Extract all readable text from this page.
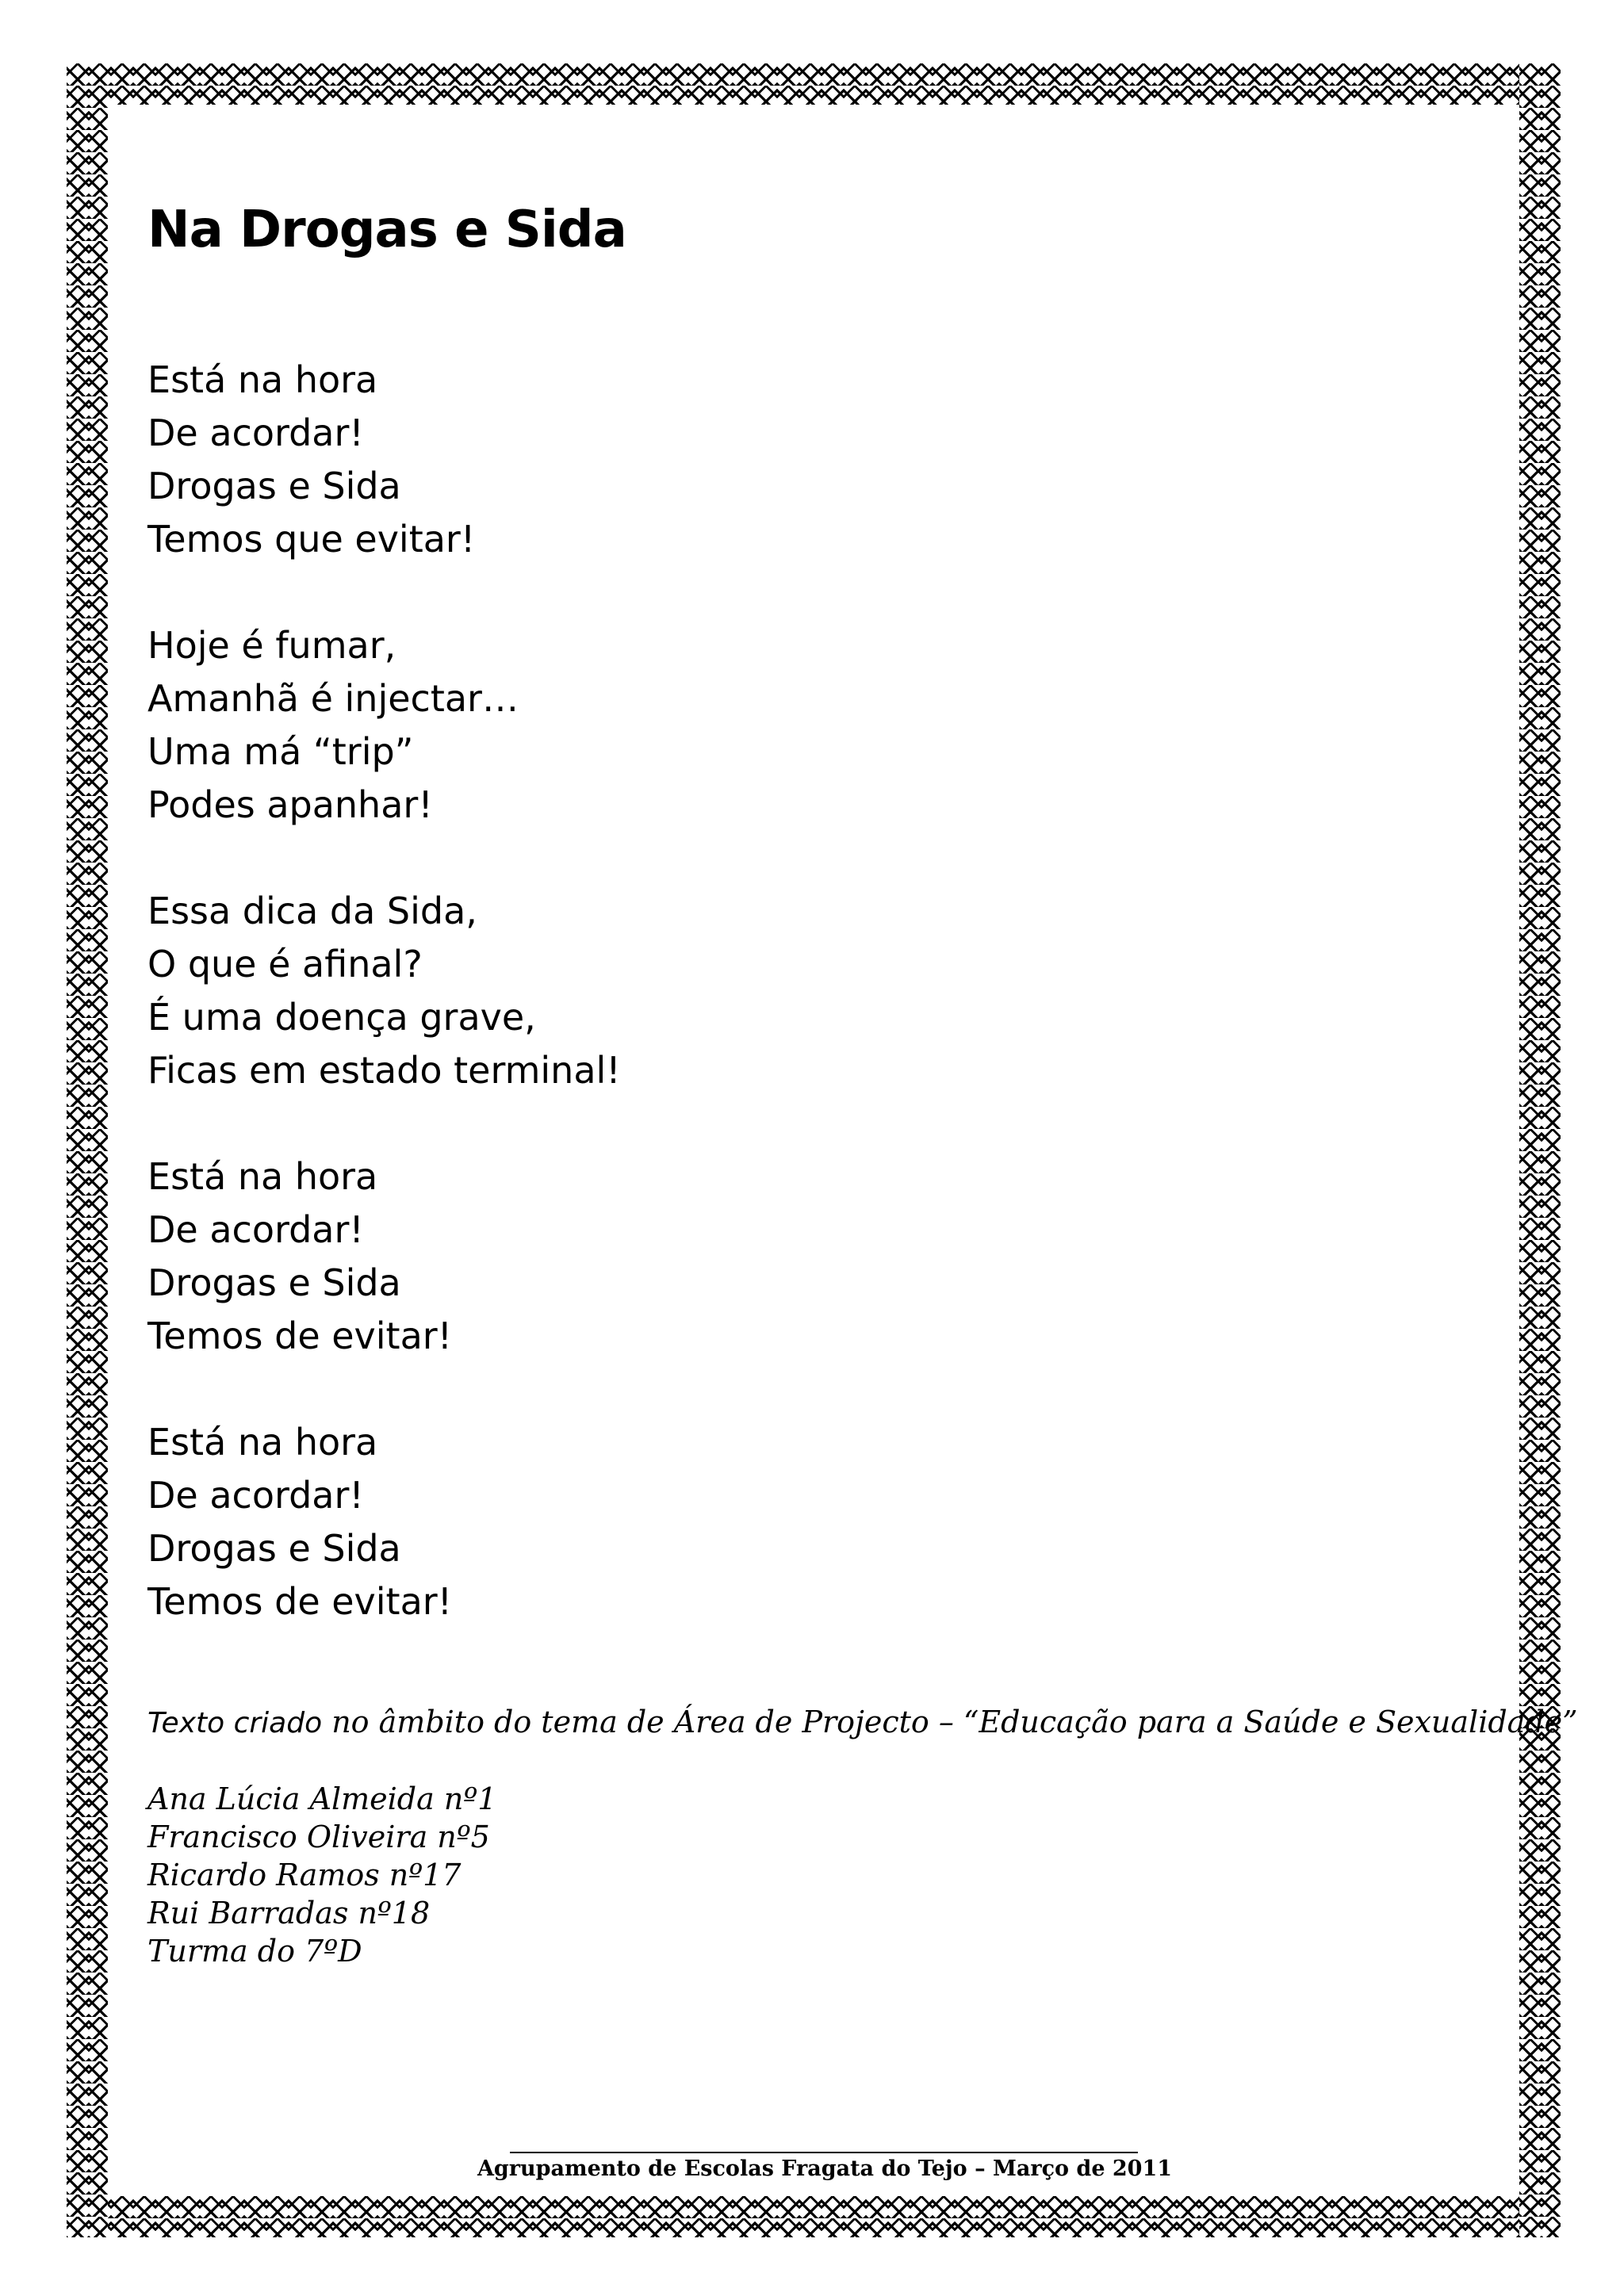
Na Drogas e Sida
Está na hora
De acordar!
Drogas e Sida
Temos que evitar!
Hoje é fumar,
Amanhã é injectar…
Uma má “trip”
Podes apanhar!
Essa dica da Sida,
O que é afinal?
É uma doença grave,
Ficas em estado terminal!
Está na hora
De acordar!
Drogas e Sida
Temos de evitar!
Está na hora
De acordar!
Drogas e Sida
Temos de evitar!
Texto criado no âmbito do tema de Área de Projecto – “Educação para a Saúde e Sexualidade”
Ana Lúcia Almeida nº1
Francisco Oliveira nº5
Ricardo Ramos nº17
Rui Barradas nº18
Turma do 7ºD
Agrupamento de Escolas Fragata do Tejo – Março de 2011
